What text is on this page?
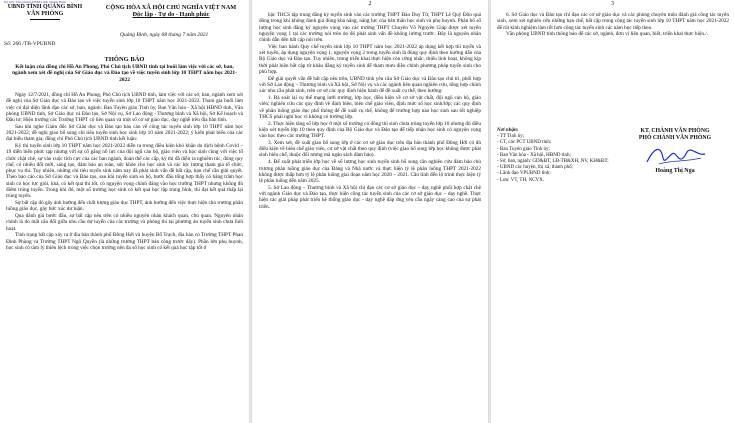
Ký bởi: Văn phòng UBND tỉnh Quảng Bình
UBND TỈNH QUẢNG BÌNH
VĂN PHÒNG
CỘNG HÒA XÃ HỘI CHỦ NGHĨA VIỆT NAM
Độc lập - Tự do - Hạnh phúc
Quảng Bình, ngày 08 tháng 7 năm 2021
Số: 266 /TB-VPUBND
THÔNG BÁO
Kết luận của đồng chí Hồ An Phong, Phó Chủ tịch UBND tỉnh tại buổi làm việc với các sở, ban, ngành xem xét đề nghị của Sở Giáo dục và Đào tạo về việc tuyển sinh lớp 10 THPT năm học 2021- 2022

Ngày 12/7/2021, đồng chí Hồ An Phong, Phó Chủ tịch UBND tỉnh, làm việc với các sở, ban, ngành xem xét đề nghị của Sở Giáo dục và Đào tạo về việc tuyển sinh lớp 10 THPT năm học 2021-2022. Tham gia buổi làm việc có đại diện lãnh đạo các sở, ban, ngành: Ban Tuyên giáo Tỉnh ủy, Ban Văn hóa - Xã hội HĐND tỉnh, Văn phòng UBND tỉnh, Sở Giáo dục và Đào tạo, Sở Nội vụ, Sở Lao động - Thương binh và Xã hội, Sở Kế hoạch và Đầu tư; Hiệu trưởng các Trường THPT có liên quan và một số cơ sở giáo dục, dạy nghề trên địa bàn tỉnh.

Sau khi nghe Giám đốc Sở Giáo dục và Đào tạo báo cáo về công tác tuyển sinh lớp 10 THPT năm học 2021-2022; đề nghị giao bổ sung chỉ tiêu tuyển sinh học sinh lớp 10 năm 2021-2022; ý kiến phát biểu của các đại biểu tham gia; đồng chí Phó Chủ tịch UBND tỉnh kết luận:

Kỳ thi tuyển sinh lớp 10 THPT năm học 2021-2022 diễn ra trong điều kiện khó khăn do dịch bệnh Covid – 19 diễn biến phức tạp nhưng với sự cố gắng nỗ lực của đội ngũ cán bộ, giáo viên và học sinh cùng với việc tổ chức chặt chẽ, sự vào cuộc tích cực của các ban ngành, đoàn thể các cấp, kỳ thi đã diễn ra nghiêm túc, đúng quy chế, có nhiều đổi mới, sáng tạo, đảm bảo an toàn, sức khỏe cho học sinh và các lực lượng tham gia tổ chức, phục vụ thi. Tuy nhiên, những chỉ tiêu tuyển sinh năm nay đã phát sinh vấn đề bất cập, hạn chế cần giải quyết. Theo báo cáo của Sở Giáo dục và Đào tạo, sau khi tuyển sinh so bộ, bước đầu tổng hợp thấy có hàng trăm học sinh có học lực giỏi, khá, có kết quả thi tốt, có nguyện vọng chính đáng vào học trường THPT nhưng không đủ điểm trúng tuyển. Trong khi đó, một số trường học sinh có kết quả học tập trung bình, thi đạt kết quả thấp lại trúng tuyển.

Sự bất cập đó gây ảnh hưởng đến chất lượng giáo dục THPT, ảnh hưởng đến việc thực hiện chủ trương phân luồng giáo dục, gây bức xúc dư luận.

Qua đánh giá bước đầu, sự bất cập nêu trên có nhiều nguyên nhân khách quan, chủ quan. Nguyên nhân chính là do mất cân đối giữa nhu cầu dự tuyển của các trường và phòng thi tại phương án tuyển sinh chưa linh hoạt.

Tình trạng bất cập xảy ra ở địa bàn thành phố Đồng Hới và huyện Bố Trạch, địa bàn có Trường THPT Phan Đình Phùng và Trường THPT Ngô Quyền (là những trường THPT bán công trước đây). Phần lớn phụ huynh, học sinh có tâm lý thiên lệch trong việc chọn trường nên đa số học sinh có kết quả học tập tốt ở

2

bậc THCS tập trung đăng ký tuyển sinh vào các trường THPT Đào Duy Từ, THPT Lê Quý Đôn quá đông trong khi không đánh giá đúng khả năng, năng lực của bản thân học sinh và phụ huynh. Phân bổ số lượng học sinh đăng ký nguyện vọng vào các trường THPT Chuyên Võ Nguyên Giáp được xét tuyển nguyện vọng 1 tại các trường nói trên do đó phát sinh vấn đề không lường trước. Đây là nguyên nhân chính dẫn đến bất cập nói trên.

Việc ban hành Quy chế tuyển sinh lớp 10 THPT năm học 2021-2022 áp dụng kết hợp thi tuyển và xét tuyển, áp dụng nguyện vọng 1, nguyện vọng 2 trong tuyển sinh là đúng quy định theo hướng dẫn của Bộ Giáo dục và Đào tạo. Tuy nhiên, trong triển khai thực hiện còn cứng nhắc, thiếu linh hoạt, không kịp thời phát hiện bất cập từ khâu đăng ký tuyển sinh để tham mưu điều chỉnh phương pháp tuyển sinh cho phù hợp.

Để giải quyết vấn đề bất cập nêu trên, UBND tỉnh yêu cầu Sở Giáo dục và Đào tạo chủ trì, phối hợp với Sở Lao động – Thương binh và Xã hội, Sở Nội vụ và các ngành liên quan nghiên cứu, tổng hợp chính xác nhu cầu phát sinh, trên cơ sở các quy định hiện hành để đề xuất cụ thể, theo hướng:

1. Rà soát lại cụ thể mạng lưới trường, lớp học, điều kiện về cơ sở vật chất, đội ngũ cán bộ, giáo viên; nghiên cứu các quy định về định biên, biên chế giáo viên, định mức số học sinh/lớp; các quy định về phân luồng giáo dục phổ thông để đề xuất cụ thể, không để trường hợp nào học sinh sau tốt nghiệp THCS phải nghỉ học vì không có trường lớp.

2. Thực hiện tăng số lớp học ở một số trường có đông thí sinh chưa trúng tuyển lớp 10 nhưng đủ điều kiện xét tuyển lớp 10 theo quy định của Bộ Giáo dục và Đào tạo để tiếp nhận học sinh có nguyện vọng vào học theo các trường THPT.

3. Xem xét, đề xuất giao bổ sung lớp ở các cơ sở giáo dục trên địa bàn thành phố Đồng Hới có đủ điều kiện về biên chế giáo viên, cơ sở vật chất theo quy định (việc giao bổ sung lớp học không được phát sinh biên chế, thuộc đối tượng mà ngân sách đảm bảo).

4. Để xuất phát triển lớp học về số lượng học sinh tuyển sinh bổ sung cần nghiên cứu đảm bảo chủ trương phân luồng giáo dục của Đảng và Nhà nước và thực hiện tỷ lệ phân luồng THPT 2021-2022 không được thấp hơn tỷ lệ phân luồng giai đoạn năm học 2020 – 2021. Cần tính đến lộ trình thực hiện tỷ lệ phân luồng đến năm 2025.

5. Sở Lao động – Thương binh và Xã hội chỉ đạo các cơ sở giáo dục – dạy nghề phối hợp chặt chẽ với ngành Giáo dục và Đào tạo, thực hiện công tác tuyển sinh của các cơ sở giáo dục – dạy nghề. Thực hiện các giải pháp phát triển hệ thống giáo dục - dạy nghề đáp ứng yêu cầu ngày càng cao của sự phát triển.

3

6. Sở Giáo dục và Đào tạo chỉ đạo các cơ sở giáo dục và các phòng chuyên môn đánh giá công tác tuyển sinh, xem xét nghiên cứu những hạn chế, bất cập trong công tác tuyển sinh lớp 10 THPT năm học 2021-2022 để rút kinh nghiệm làm tốt hơn công tác tuyển sinh các năm học tiếp theo.

Văn phòng UBND tỉnh thông báo để các sở, ngành, đơn vị liên quan, biết, triển khai thực hiện./.

Nơi nhận:
- TT Tỉnh ủy;
- CT, các PCT UBND tỉnh;
- Ban Tuyên giáo Tỉnh ủy;
- Ban Văn hóa - Xã hội, HĐND tỉnh;
- Sở, ban, ngành: GD&ĐT, LĐ-TB&XH, NV, KH&ĐT;
- UBND các huyện, thị xã, thành phố;
- Lãnh đạo VPUBND tỉnh;
- Lưu: VT, TH, NCVX.
KT. CHÁNH VĂN PHÒNG
PHÓ CHÁNH VĂN PHÒNG
Hoàng Thị Nga
